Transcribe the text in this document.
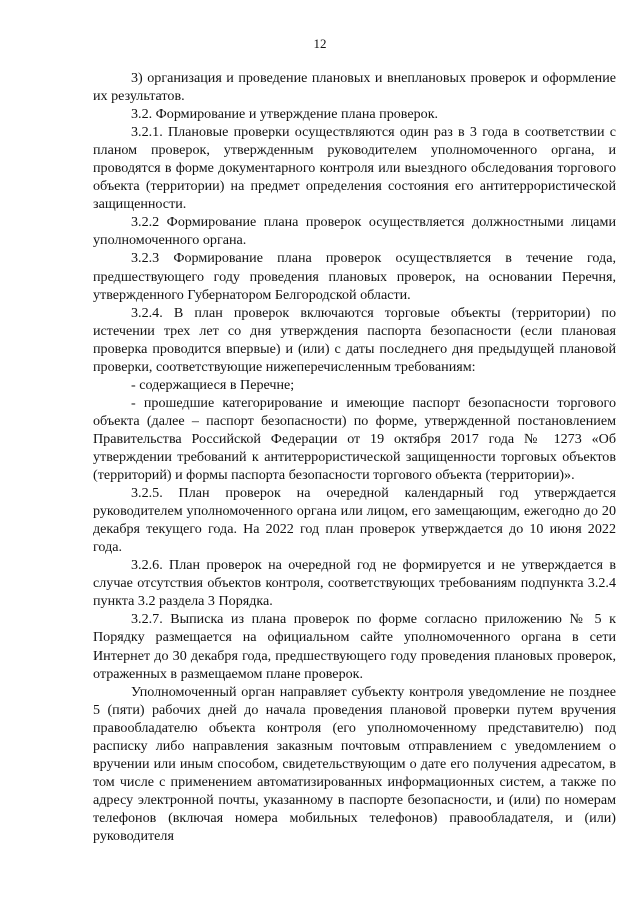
12

3) организация и проведение плановых и внеплановых проверок и оформление их результатов.

3.2. Формирование и утверждение плана проверок.

3.2.1. Плановые проверки осуществляются один раз в 3 года в соответствии с планом проверок, утвержденным руководителем уполномоченного органа, и проводятся в форме документарного контроля или выездного обследования торгового объекта (территории) на предмет определения состояния его антитеррористической защищенности.

3.2.2 Формирование плана проверок осуществляется должностными лицами уполномоченного органа.

3.2.3 Формирование плана проверок осуществляется в течение года, предшествующего году проведения плановых проверок, на основании Перечня, утвержденного Губернатором Белгородской области.

3.2.4. В план проверок включаются торговые объекты (территории) по истечении трех лет со дня утверждения паспорта безопасности (если плановая проверка проводится впервые) и (или) с даты последнего дня предыдущей плановой проверки, соответствующие нижеперечисленным требованиям:

- содержащиеся в Перечне;

- прошедшие категорирование и имеющие паспорт безопасности торгового объекта (далее – паспорт безопасности) по форме, утвержденной постановлением Правительства Российской Федерации от 19 октября 2017 года № 1273 «Об утверждении требований к антитеррористической защищенности торговых объектов (территорий) и формы паспорта безопасности торгового объекта (территории)».

3.2.5. План проверок на очередной календарный год утверждается руководителем уполномоченного органа или лицом, его замещающим, ежегодно до 20 декабря текущего года. На 2022 год план проверок утверждается до 10 июня 2022 года.

3.2.6. План проверок на очередной год не формируется и не утверждается в случае отсутствия объектов контроля, соответствующих требованиям подпункта 3.2.4 пункта 3.2 раздела 3 Порядка.

3.2.7. Выписка из плана проверок по форме согласно приложению № 5 к Порядку размещается на официальном сайте уполномоченного органа в сети Интернет до 30 декабря года, предшествующего году проведения плановых проверок, отраженных в размещаемом плане проверок.

Уполномоченный орган направляет субъекту контроля уведомление не позднее 5 (пяти) рабочих дней до начала проведения плановой проверки путем вручения правообладателю объекта контроля (его уполномоченному представителю) под расписку либо направления заказным почтовым отправлением с уведомлением о вручении или иным способом, свидетельствующим о дате его получения адресатом, в том числе с применением автоматизированных информационных систем, а также по адресу электронной почты, указанному в паспорте безопасности, и (или) по номерам телефонов (включая номера мобильных телефонов) правообладателя, и (или) руководителя
